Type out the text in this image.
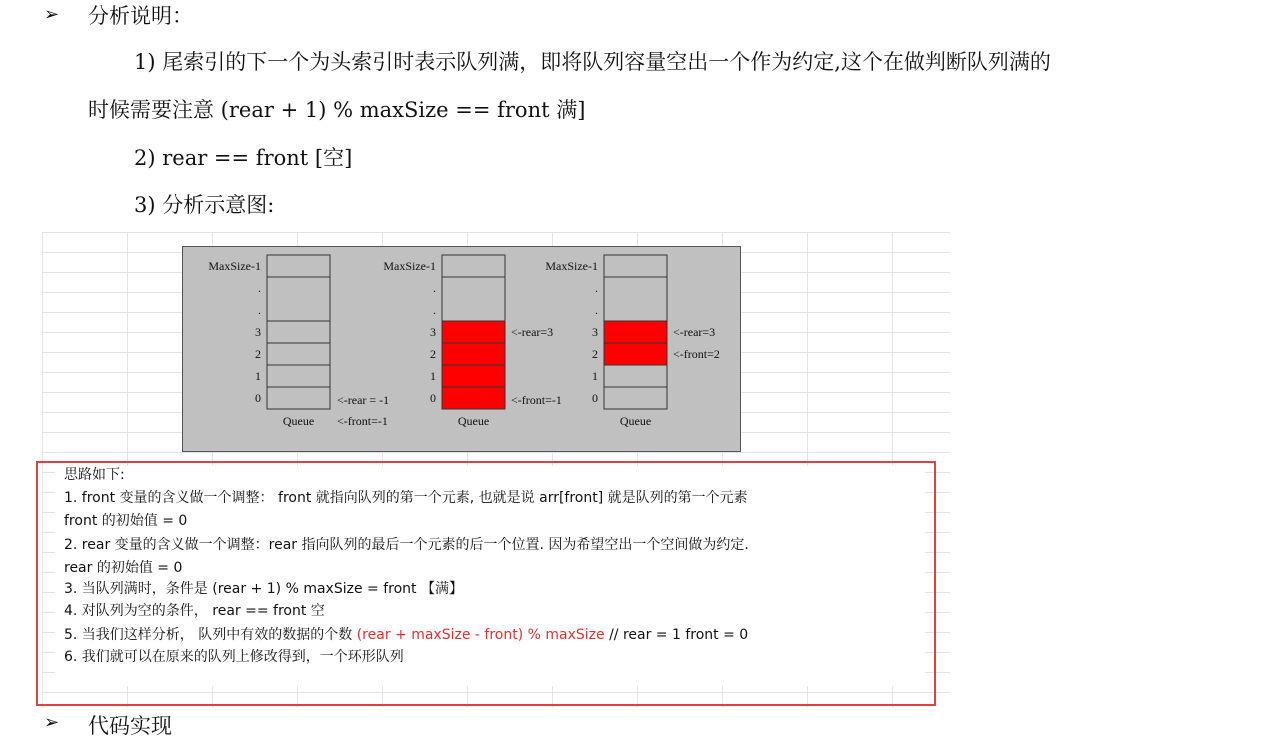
➢ 分析说明：
1) 尾索引的下一个为头索引时表示队列满，即将队列容量空出一个作为约定,这个在做判断队列满的
时候需要注意 (rear + 1) % maxSize == front 满]
2) rear == front [空]
3) 分析示意图:
MaxSize-1
.
.
3
2
1
0
Queue
MaxSize-1
.
.
3
2
1
0
Queue
MaxSize-1
.
.
3
2
1
0
Queue
<-rear = -1
<-front=-1
<-rear=3
<-front=-1
<-rear=3
<-front=2
思路如下:
1. front 变量的含义做一个调整： front 就指向队列的第一个元素, 也就是说 arr[front] 就是队列的第一个元素
front 的初始值 = 0
2. rear 变量的含义做一个调整：rear 指向队列的最后一个元素的后一个位置. 因为希望空出一个空间做为约定.
rear 的初始值 = 0
3. 当队列满时，条件是 (rear + 1) % maxSize = front 【满】
4. 对队列为空的条件， rear == front 空
5. 当我们这样分析， 队列中有效的数据的个数 (rear + maxSize - front) % maxSize // rear = 1 front = 0
6. 我们就可以在原来的队列上修改得到，一个环形队列
➢ 代码实现
